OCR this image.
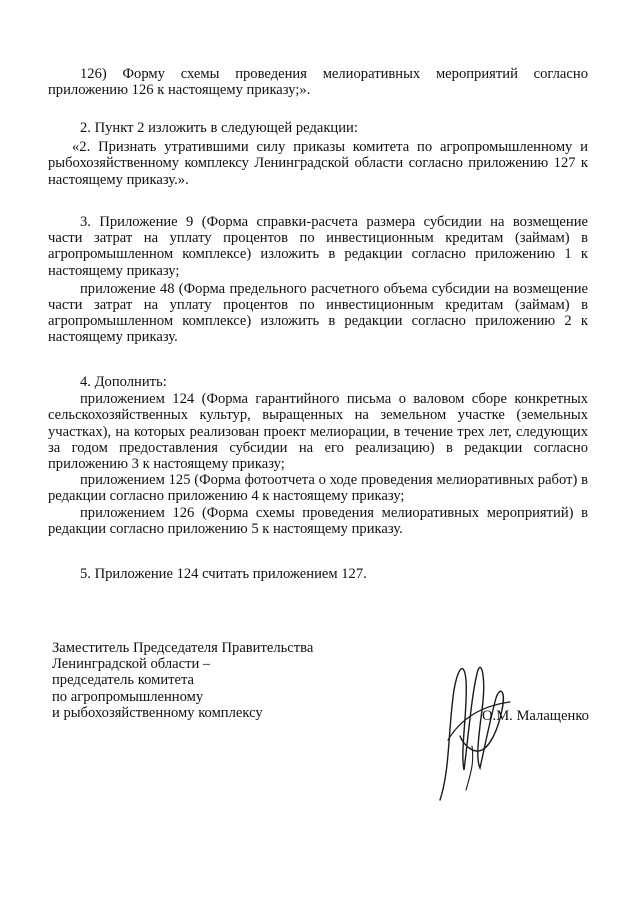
126) Форму схемы проведения мелиоративных мероприятий согласно приложению 126 к настоящему приказу;».

2. Пункт 2 изложить в следующей редакции:

«2. Признать утратившими силу приказы комитета по агропромышленному и рыбохозяйственному комплексу Ленинградской области согласно приложению 127 к настоящему приказу.».

3. Приложение 9 (Форма справки-расчета размера субсидии на возмещение части затрат на уплату процентов по инвестиционным кредитам (займам) в агропромышленном комплексе) изложить в редакции согласно приложению 1 к настоящему приказу;

приложение 48 (Форма предельного расчетного объема субсидии на возмещение части затрат на уплату процентов по инвестиционным кредитам (займам) в агропромышленном комплексе) изложить в редакции согласно приложению 2 к настоящему приказу.

4. Дополнить:

приложением 124 (Форма гарантийного письма о валовом сборе конкретных сельскохозяйственных культур, выращенных на земельном участке (земельных участках), на которых реализован проект мелиорации, в течение трех лет, следующих за годом предоставления субсидии на его реализацию) в редакции согласно приложению 3 к настоящему приказу;

приложением 125 (Форма фотоотчета о ходе проведения мелиоративных работ) в редакции согласно приложению 4 к настоящему приказу;

приложением 126 (Форма схемы проведения мелиоративных мероприятий) в редакции согласно приложению 5 к настоящему приказу.

5. Приложение 124 считать приложением 127.

Заместитель Председателя Правительства
Ленинградской области –
председатель комитета
по агропромышленному
и рыбохозяйственному комплексу	О.М. Малащенко
